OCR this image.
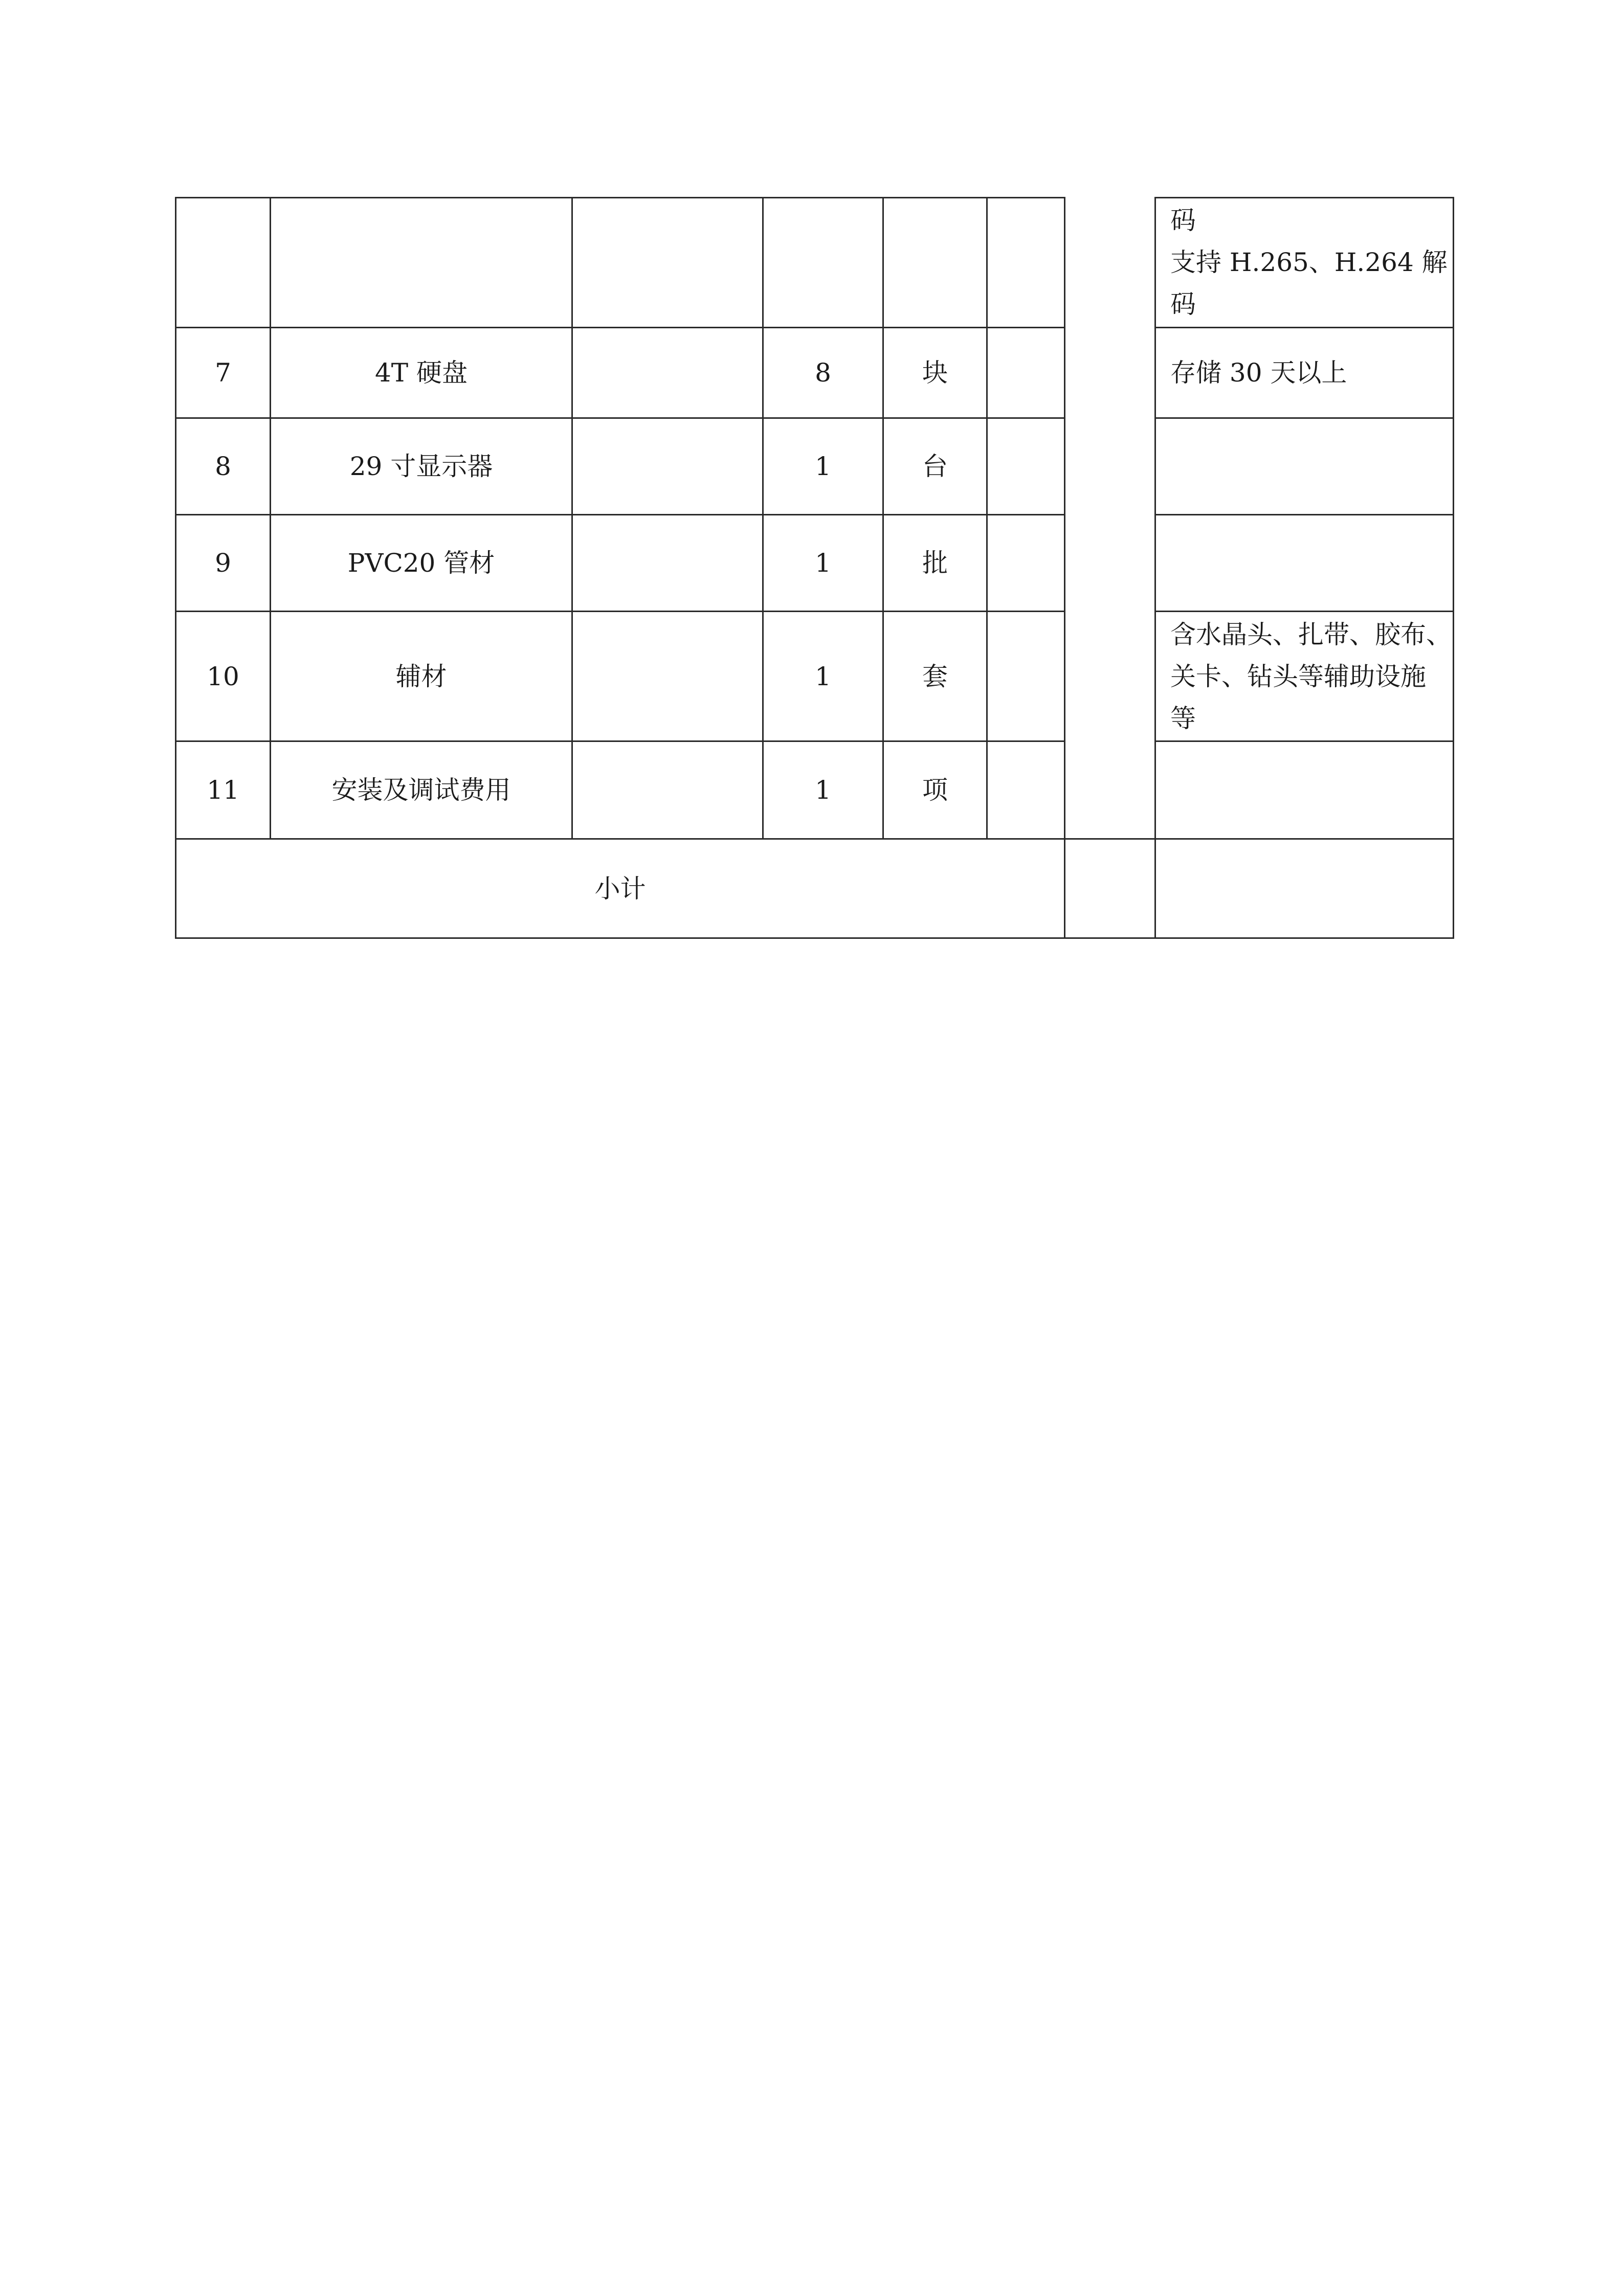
							码
支持 H.265、H.264 解
码

7	4T 硬盘		8	块			存储 30 天以上

8	29 寸显示器		1	台			
9	PVC20 管材		1	批			
10	辅材		1	套			含水晶头、扎带、胶布、
关卡、钻头等辅助设施
等

11	安装及调试费用		1	项			
小计							
